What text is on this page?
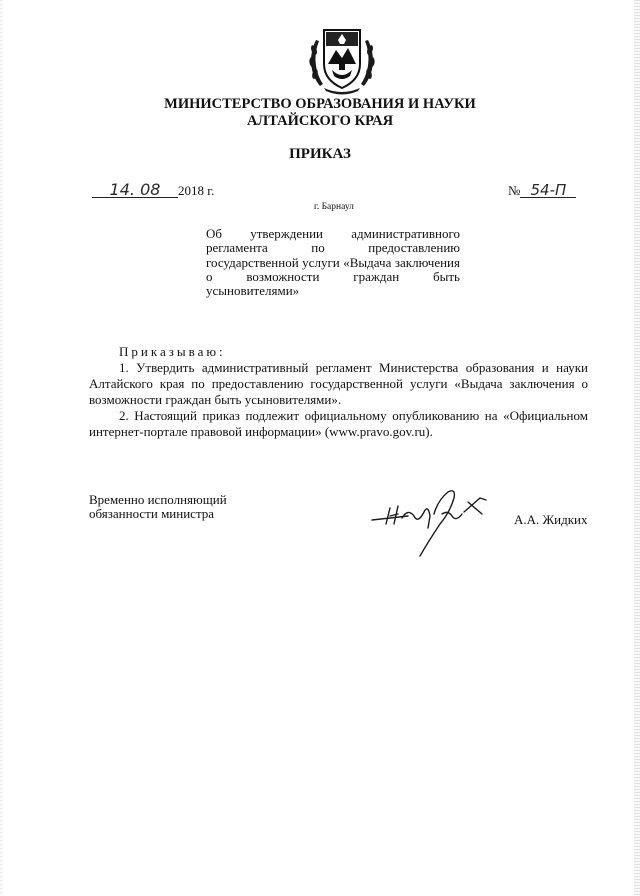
МИНИСТЕРСТВО ОБРАЗОВАНИЯ И НАУКИ
АЛТАЙСКОГО КРАЯ
ПРИКАЗ
14. 08 2018 г.	№ 54-П
г. Барнаул
Об утверждении административного регламента по предоставлению государственной услуги «Выдача заключения о возможности граждан быть усыновителями»

Приказываю:

1. Утвердить административный регламент Министерства образования и науки Алтайского края по предоставлению государственной услуги «Выдача заключения о возможности граждан быть усыновителями».

2. Настоящий приказ подлежит официальному опубликованию на «Официальном интернет-портале правовой информации» (www.pravo.gov.ru).

Временно исполняющий
обязанности министра	А.А. Жидких
